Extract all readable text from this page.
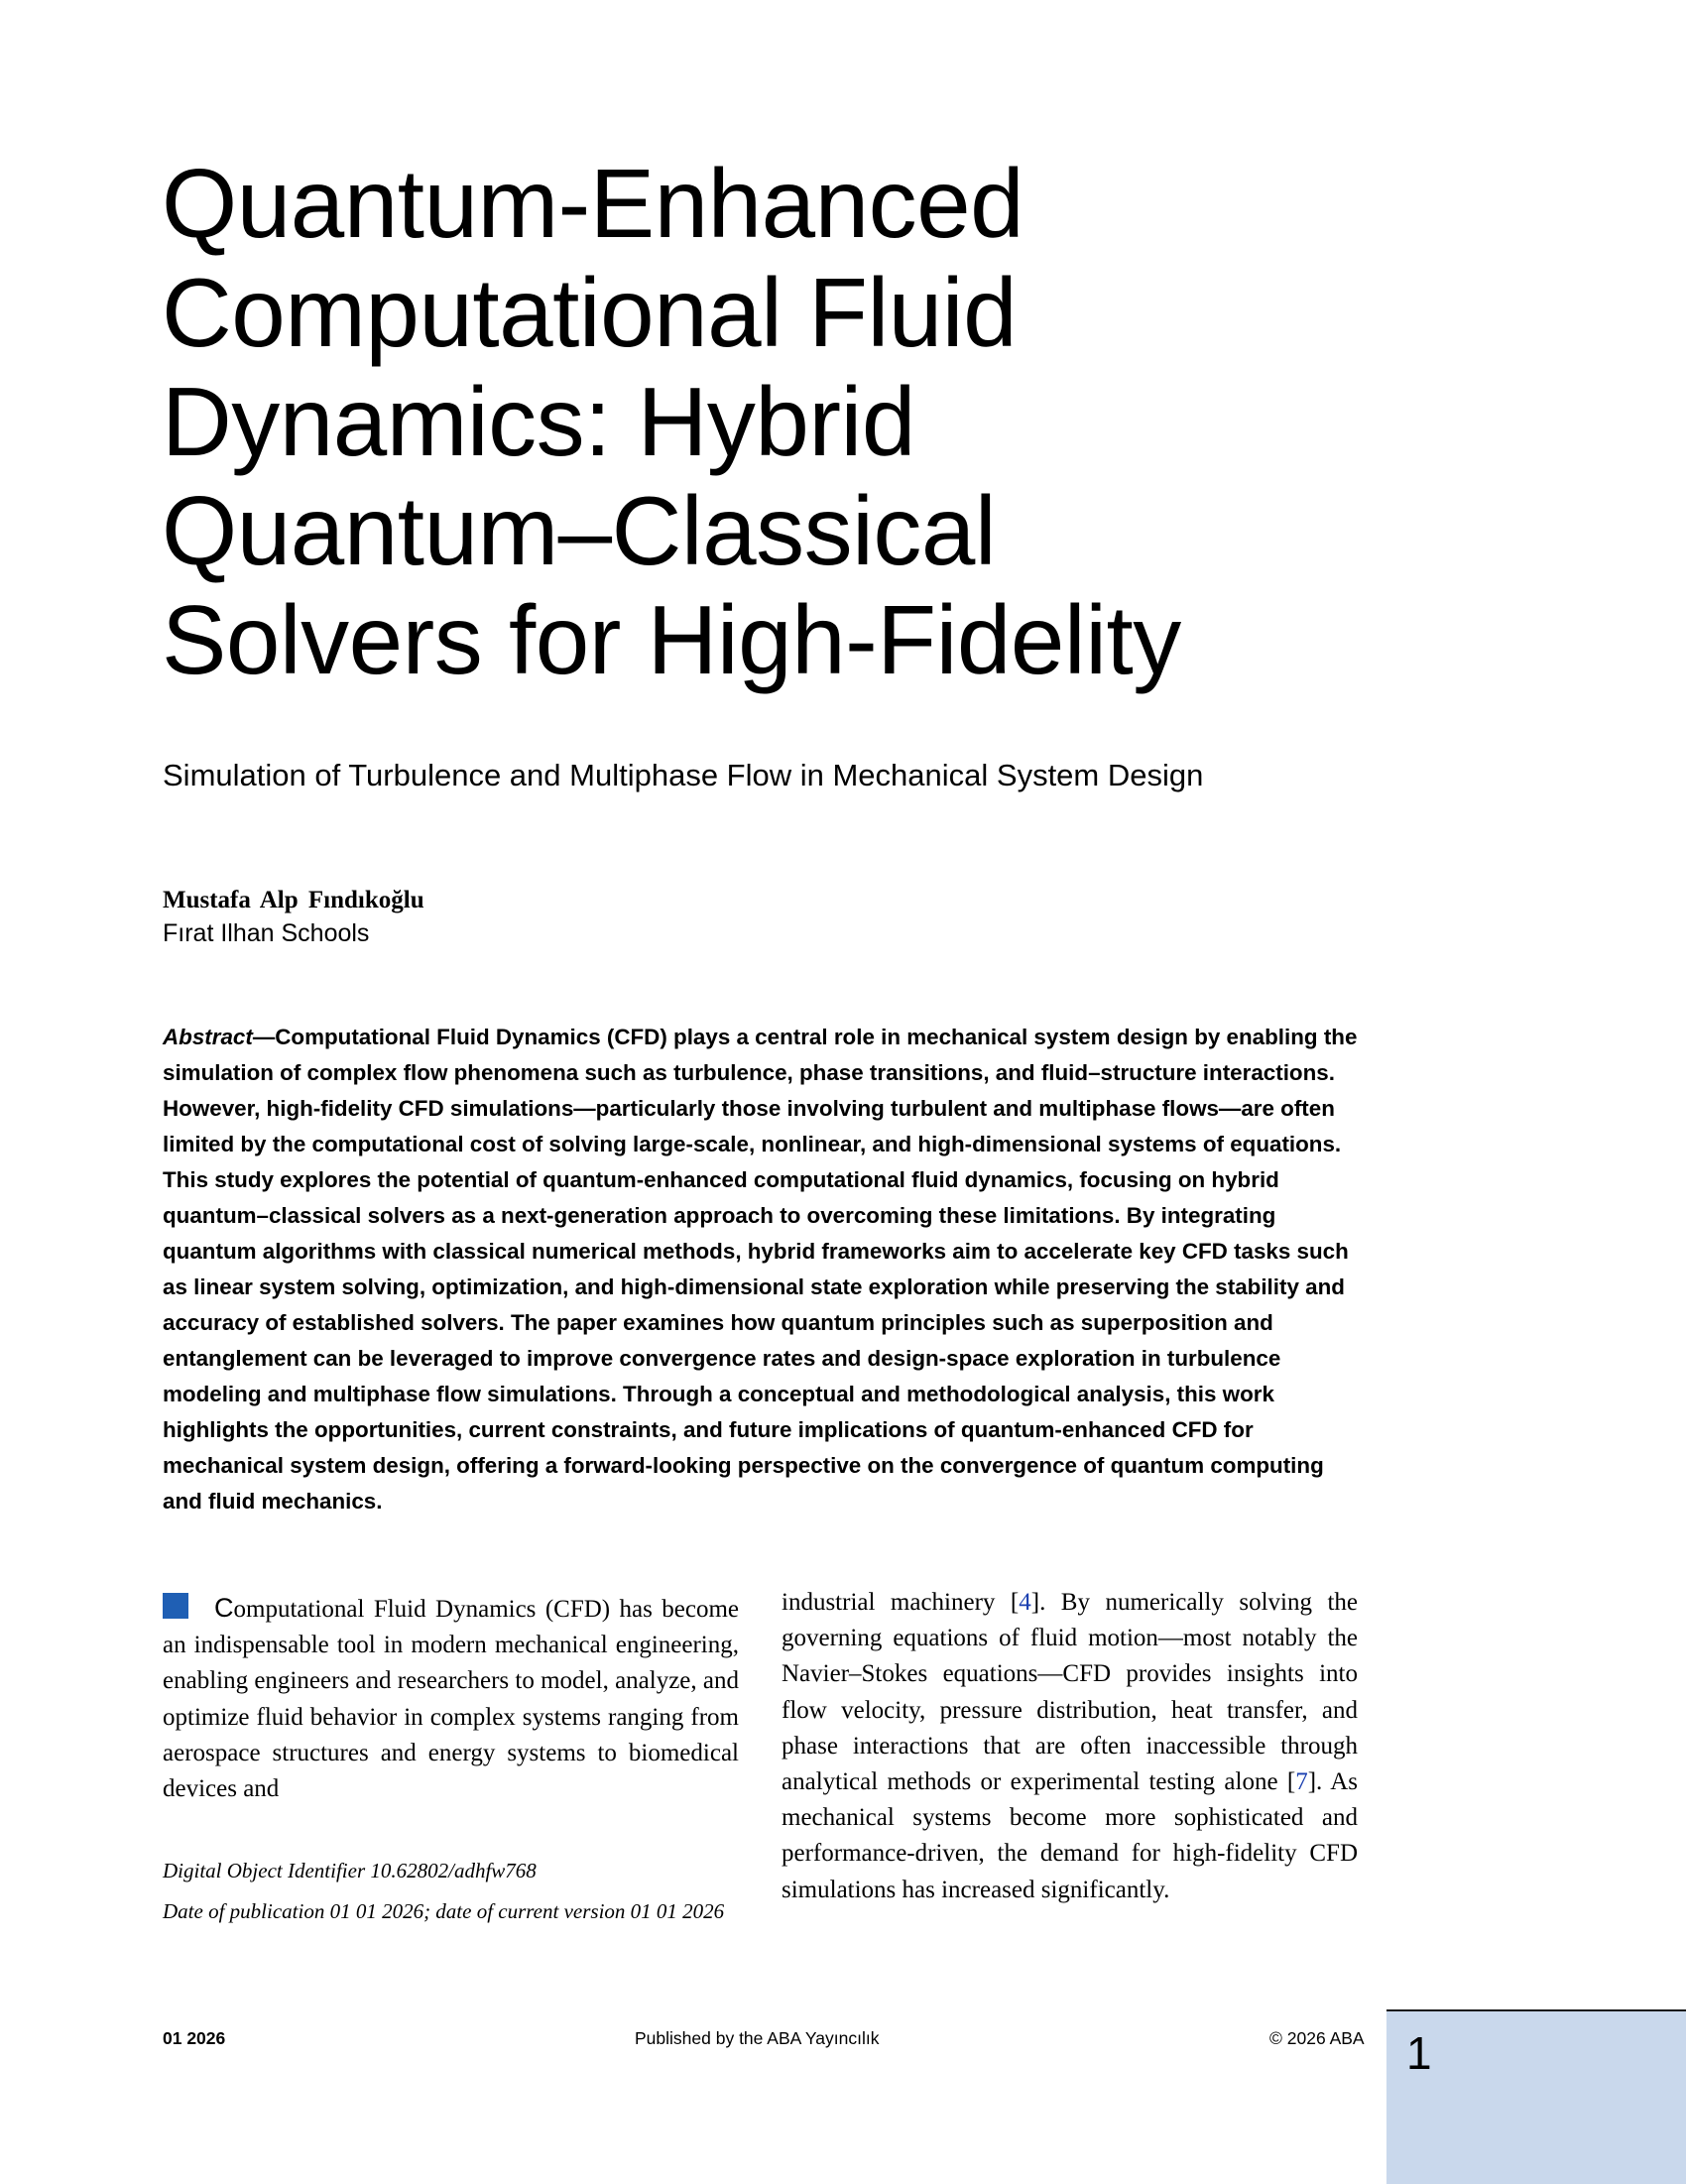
Quantum-Enhanced Computational Fluid Dynamics: Hybrid Quantum–Classical Solvers for High-Fidelity

Simulation of Turbulence and Multiphase Flow in Mechanical System Design

Mustafa Alp Fındıkoğlu
Fırat Ilhan Schools

Abstract—Computational Fluid Dynamics (CFD) plays a central role in mechanical system design by enabling the simulation of complex flow phenomena such as turbulence, phase transitions, and fluid–structure interactions. However, high-fidelity CFD simulations—particularly those involving turbulent and multiphase flows—are often limited by the computational cost of solving large-scale, nonlinear, and high-dimensional systems of equations. This study explores the potential of quantum-enhanced computational fluid dynamics, focusing on hybrid quantum–classical solvers as a next-generation approach to overcoming these limitations. By integrating quantum algorithms with classical numerical methods, hybrid frameworks aim to accelerate key CFD tasks such as linear system solving, optimization, and high-dimensional state exploration while preserving the stability and accuracy of established solvers. The paper examines how quantum principles such as superposition and entanglement can be leveraged to improve convergence rates and design-space exploration in turbulence modeling and multiphase flow simulations. Through a conceptual and methodological analysis, this work highlights the opportunities, current constraints, and future implications of quantum-enhanced CFD for mechanical system design, offering a forward-looking perspective on the convergence of quantum computing and fluid mechanics.

Computational Fluid Dynamics (CFD) has become an indispensable tool in modern mechanical engineering, enabling engineers and researchers to model, analyze, and optimize fluid behavior in complex systems ranging from aerospace structures and energy systems to biomedical devices and

Digital Object Identifier 10.62802/adhfw768
Date of publication 01 01 2026; date of current version 01 01 2026

industrial machinery [4]. By numerically solving the governing equations of fluid motion—most notably the Navier–Stokes equations—CFD provides insights into flow velocity, pressure distribution, heat transfer, and phase interactions that are often inaccessible through analytical methods or experimental testing alone [7]. As mechanical systems become more sophisticated and performance-driven, the demand for high-fidelity CFD simulations has increased significantly.

01 2026	Published by the ABA Yayıncılık	© 2026 ABA 1
